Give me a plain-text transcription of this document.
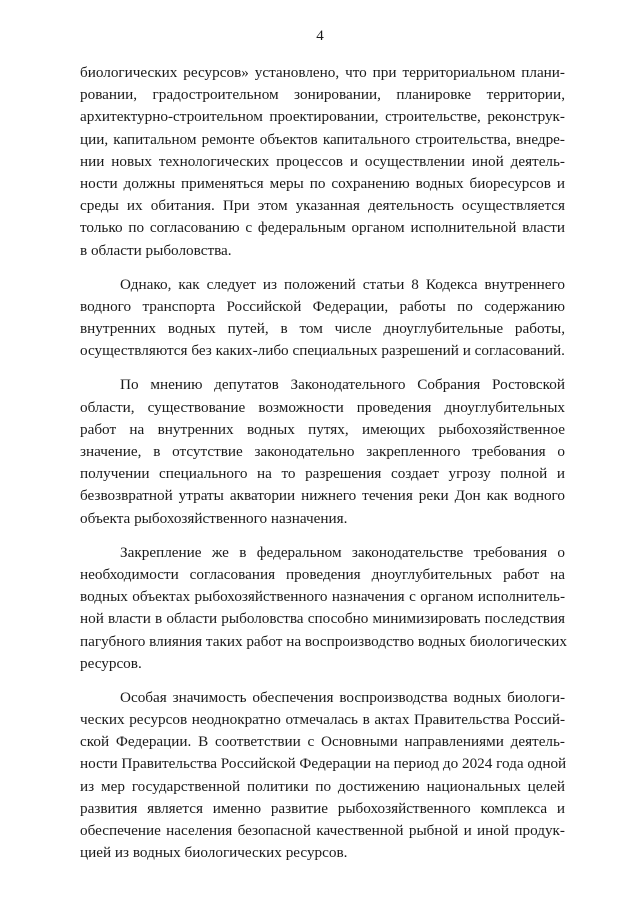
4

биологических ресурсов» установлено, что при территориальном плани-
ровании, градостроительном зонировании, планировке территории,
архитектурно-строительном проектировании, строительстве, реконструк-
ции, капитальном ремонте объектов капитального строительства, внедре-
нии новых технологических процессов и осуществлении иной деятель-
ности должны применяться меры по сохранению водных биоресурсов и
среды их обитания. При этом указанная деятельность осуществляется
только по согласованию с федеральным органом исполнительной власти
в области рыболовства.

Однако, как следует из положений статьи 8 Кодекса внутреннего
водного транспорта Российской Федерации, работы по содержанию
внутренних водных путей, в том числе дноуглубительные работы,
осуществляются без каких-либо специальных разрешений и согласований.

По мнению депутатов Законодательного Собрания Ростовской
области, существование возможности проведения дноуглубительных
работ на внутренних водных путях, имеющих рыбохозяйственное
значение, в отсутствие законодательно закрепленного требования о
получении специального на то разрешения создает угрозу полной и
безвозвратной утраты акватории нижнего течения реки Дон как водного
объекта рыбохозяйственного назначения.

Закрепление же в федеральном законодательстве требования о
необходимости согласования проведения дноуглубительных работ на
водных объектах рыбохозяйственного назначения с органом исполнитель-
ной власти в области рыболовства способно минимизировать последствия
пагубного влияния таких работ на воспроизводство водных биологических
ресурсов.

Особая значимость обеспечения воспроизводства водных биологи-
ческих ресурсов неоднократно отмечалась в актах Правительства Россий-
ской Федерации. В соответствии с Основными направлениями деятель-
ности Правительства Российской Федерации на период до 2024 года одной
из мер государственной политики по достижению национальных целей
развития является именно развитие рыбохозяйственного комплекса и
обеспечение населения безопасной качественной рыбной и иной продук-
цией из водных биологических ресурсов.
